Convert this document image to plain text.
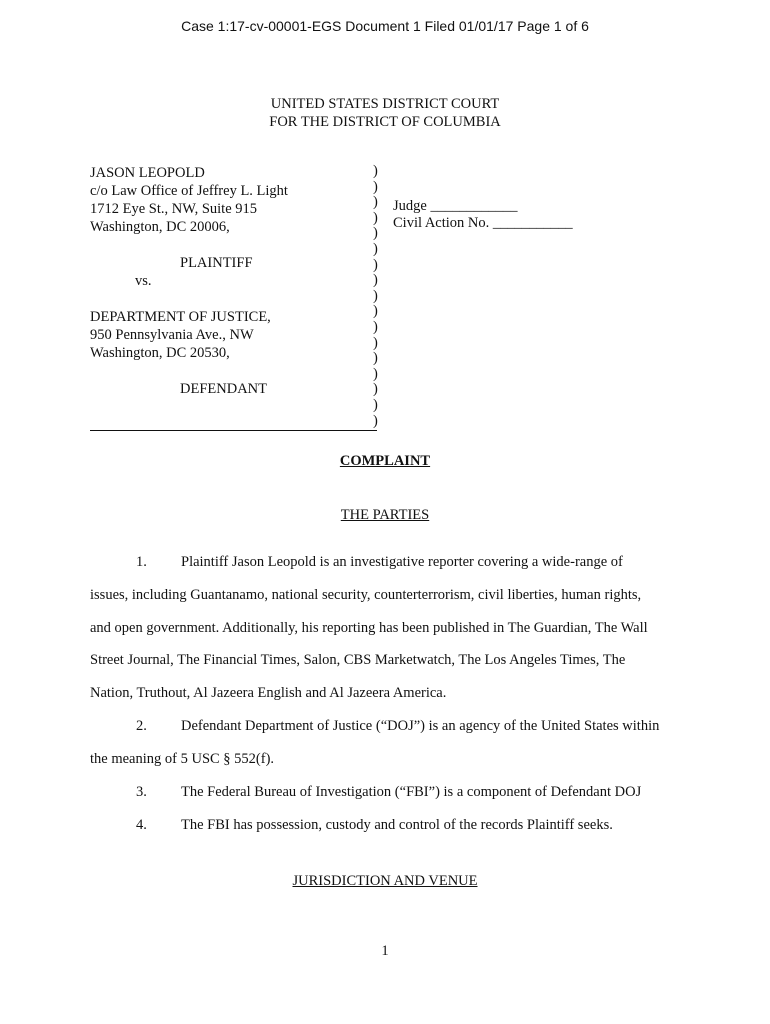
Case 1:17-cv-00001-EGS Document 1 Filed 01/01/17 Page 1 of 6
UNITED STATES DISTRICT COURT
FOR THE DISTRICT OF COLUMBIA
JASON LEOPOLD
c/o Law Office of Jeffrey L. Light
1712 Eye St., NW, Suite 915
Washington, DC 20006,
PLAINTIFF
vs.
DEPARTMENT OF JUSTICE,
950 Pennsylvania Ave., NW
Washington, DC 20530,
DEFENDANT
)
)
)
)
)
)
)
)
)
)
)
)
)
)
)
)
)
Judge ____________
Civil Action No. ___________
COMPLAINT
THE PARTIES
1. Plaintiff Jason Leopold is an investigative reporter covering a wide-range of
issues, including Guantanamo, national security, counterterrorism, civil liberties, human rights,
and open government. Additionally, his reporting has been published in The Guardian, The Wall
Street Journal, The Financial Times, Salon, CBS Marketwatch, The Los Angeles Times, The
Nation, Truthout, Al Jazeera English and Al Jazeera America.
2. Defendant Department of Justice (“DOJ”) is an agency of the United States within
the meaning of 5 USC § 552(f).
3. The Federal Bureau of Investigation (“FBI”) is a component of Defendant DOJ
4. The FBI has possession, custody and control of the records Plaintiff seeks.
JURISDICTION AND VENUE
1
